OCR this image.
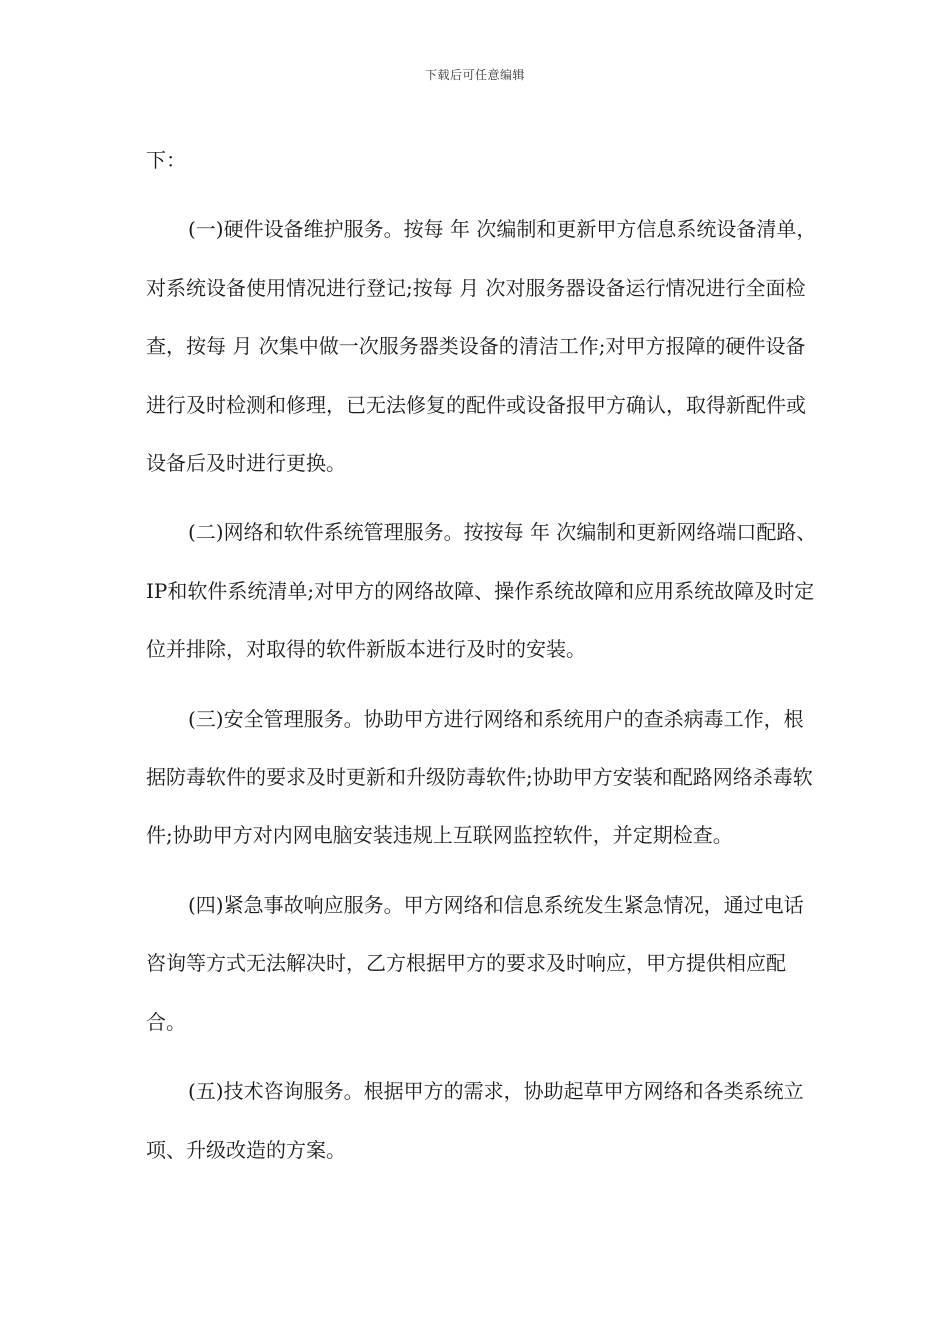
下载后可任意编辑

下：

(一)硬件设备维护服务。按每 年 次编制和更新甲方信息系统设备清单，对系统设备使用情况进行登记;按每 月 次对服务器设备运行情况进行全面检查，按每 月 次集中做一次服务器类设备的清洁工作;对甲方报障的硬件设备进行及时检测和修理，已无法修复的配件或设备报甲方确认，取得新配件或设备后及时进行更换。

(二)网络和软件系统管理服务。按按每 年 次编制和更新网络端口配路、IP和软件系统清单;对甲方的网络故障、操作系统故障和应用系统故障及时定位并排除，对取得的软件新版本进行及时的安装。

(三)安全管理服务。协助甲方进行网络和系统用户的查杀病毒工作，根据防毒软件的要求及时更新和升级防毒软件;协助甲方安装和配路网络杀毒软件;协助甲方对内网电脑安装违规上互联网监控软件，并定期检查。

(四)紧急事故响应服务。甲方网络和信息系统发生紧急情况，通过电话咨询等方式无法解决时，乙方根据甲方的要求及时响应，甲方提供相应配合。

(五)技术咨询服务。根据甲方的需求，协助起草甲方网络和各类系统立项、升级改造的方案。
